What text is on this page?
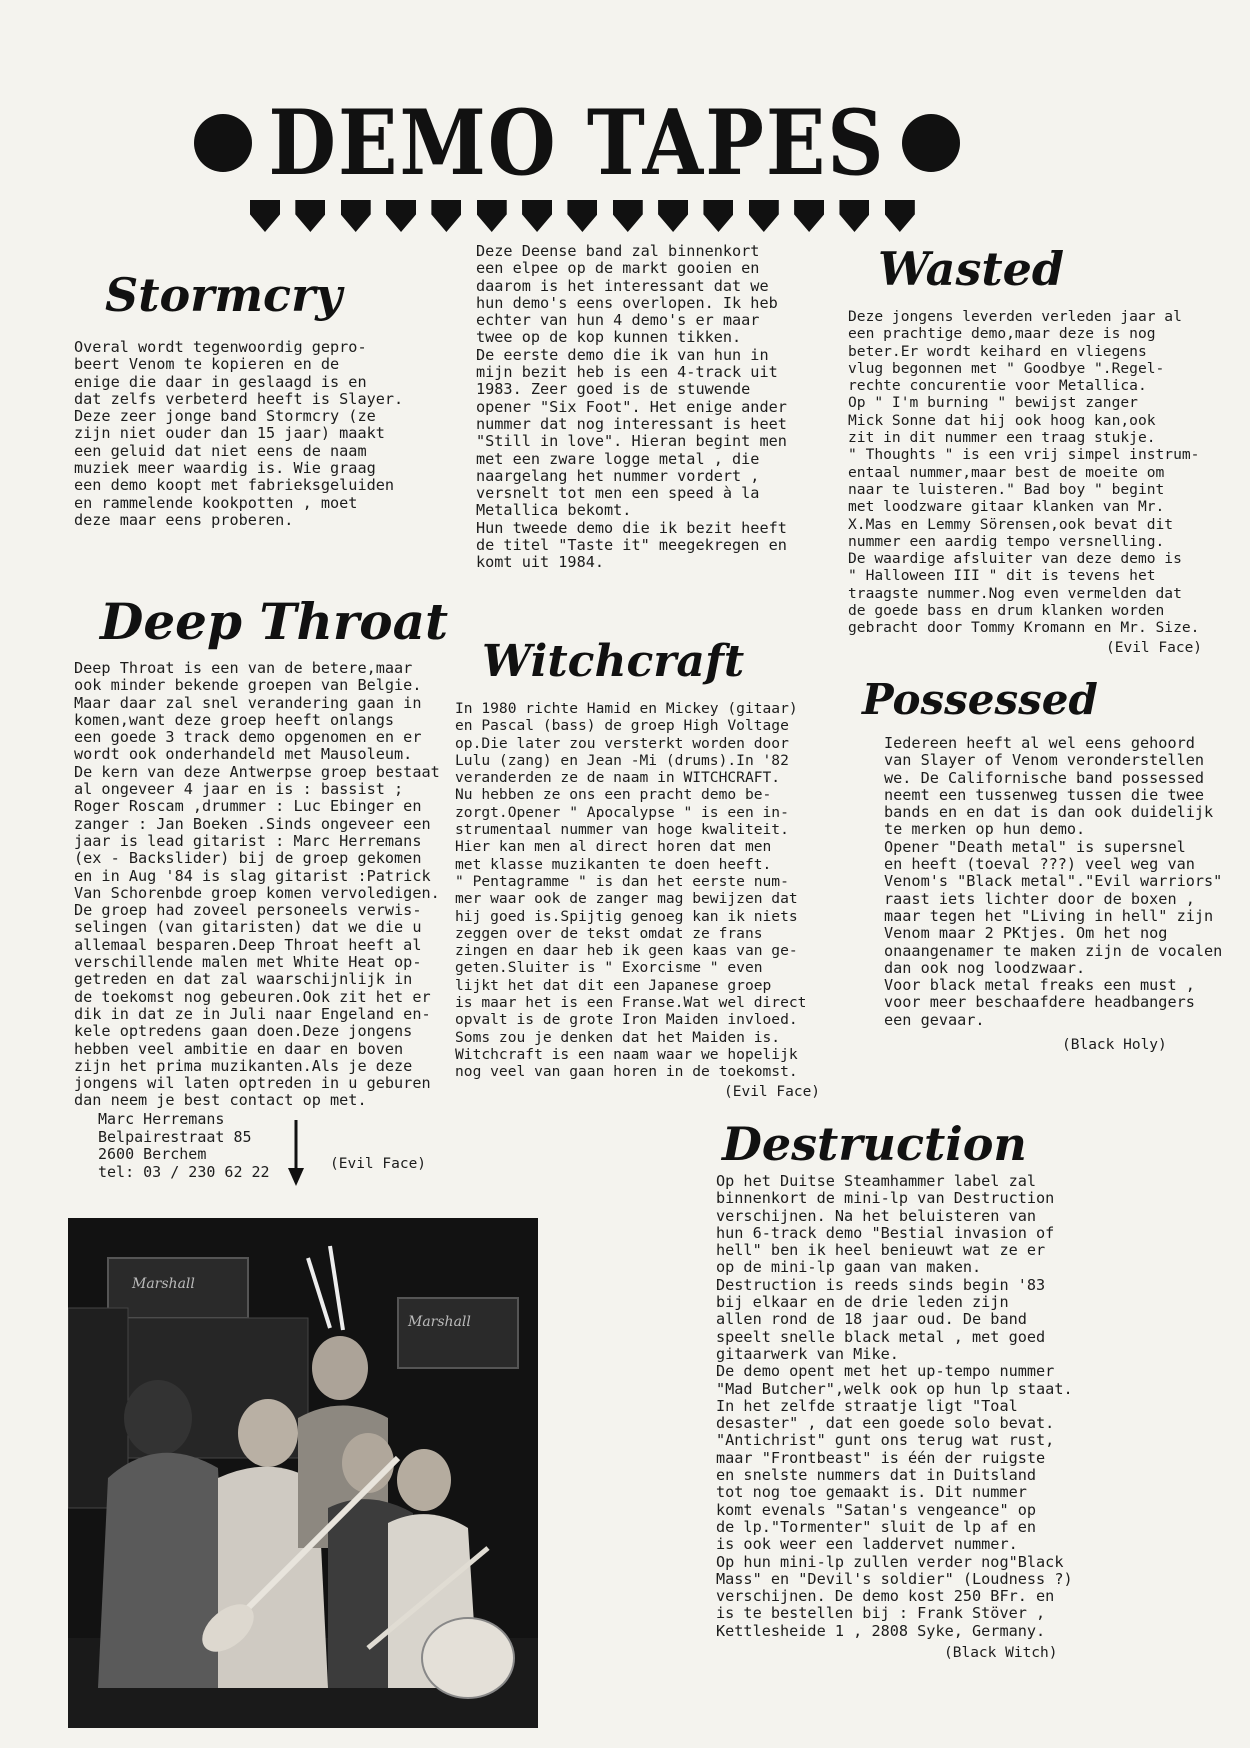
DEMO TAPES
Stormcry
Overal wordt tegenwoordig gepro-
beert Venom te kopieren en de
enige die daar in geslaagd is en
dat zelfs verbeterd heeft is Slayer.
Deze zeer jonge band Stormcry (ze
zijn niet ouder dan 15 jaar) maakt
een geluid dat niet eens de naam
muziek meer waardig is. Wie graag
een demo koopt met fabrieksgeluiden
en rammelende kookpotten , moet
deze maar eens proberen.
Deze Deense band zal binnenkort
een elpee op de markt gooien en
daarom is het interessant dat we
hun demo's eens overlopen. Ik heb
echter van hun 4 demo's er maar
twee op de kop kunnen tikken.
De eerste demo die ik van hun in
mijn bezit heb is een 4-track uit
1983. Zeer goed is de stuwende
opener "Six Foot". Het enige ander
nummer dat nog interessant is heet
"Still in love". Hieran begint men
met een zware logge metal , die
naargelang het nummer vordert ,
versnelt tot men een speed à la
Metallica bekomt.
Hun tweede demo die ik bezit heeft
de titel "Taste it" meegekregen en
komt uit 1984.
Wasted
Deze jongens leverden verleden jaar al
een prachtige demo,maar deze is nog
beter.Er wordt keihard en vliegens
vlug begonnen met " Goodbye ".Regel-
rechte concurentie voor Metallica.
Op " I'm burning " bewijst zanger
Mick Sonne dat hij ook hoog kan,ook
zit in dit nummer een traag stukje.
" Thoughts " is een vrij simpel instrum-
entaal nummer,maar best de moeite om
naar te luisteren." Bad boy " begint
met loodzware gitaar klanken van Mr.
X.Mas en Lemmy Sörensen,ook bevat dit
nummer een aardig tempo versnelling.
De waardige afsluiter van deze demo is
" Halloween III " dit is tevens het
traagste nummer.Nog even vermelden dat
de goede bass en drum klanken worden
gebracht door Tommy Kromann en Mr. Size.
(Evil Face)
Deep Throat
Deep Throat is een van de betere,maar
ook minder bekende groepen van Belgie.
Maar daar zal snel verandering gaan in
komen,want deze groep heeft onlangs
een goede 3 track demo opgenomen en er
wordt ook onderhandeld met Mausoleum.
De kern van deze Antwerpse groep bestaat
al ongeveer 4 jaar en is : bassist ;
Roger Roscam ,drummer : Luc Ebinger en
zanger : Jan Boeken .Sinds ongeveer een
jaar is lead gitarist : Marc Herremans
(ex - Backslider) bij de groep gekomen
en in Aug '84 is slag gitarist :Patrick
Van Schorenbde groep komen vervoledigen.
De groep had zoveel personeels verwis-
selingen (van gitaristen) dat we die u
allemaal besparen.Deep Throat heeft al
verschillende malen met White Heat op-
getreden en dat zal waarschijnlijk in
de toekomst nog gebeuren.Ook zit het er
dik in dat ze in Juli naar Engeland en-
kele optredens gaan doen.Deze jongens
hebben veel ambitie en daar en boven
zijn het prima muzikanten.Als je deze
jongens wil laten optreden in u geburen
dan neem je best contact op met.
Marc Herremans
Belpairestraat 85
2600 Berchem
tel: 03 / 230 62 22	(Evil Face)
Witchcraft
In 1980 richte Hamid en Mickey (gitaar)
en Pascal (bass) de groep High Voltage
op.Die later zou versterkt worden door
Lulu (zang) en Jean -Mi (drums).In '82
veranderden ze de naam in WITCHCRAFT.
Nu hebben ze ons een pracht demo be-
zorgt.Opener " Apocalypse " is een in-
strumentaal nummer van hoge kwaliteit.
Hier kan men al direct horen dat men
met klasse muzikanten te doen heeft.
" Pentagramme " is dan het eerste num-
mer waar ook de zanger mag bewijzen dat
hij goed is.Spijtig genoeg kan ik niets
zeggen over de tekst omdat ze frans
zingen en daar heb ik geen kaas van ge-
geten.Sluiter is " Exorcisme " even
lijkt het dat dit een Japanese groep
is maar het is een Franse.Wat wel direct
opvalt is de grote Iron Maiden invloed.
Soms zou je denken dat het Maiden is.
Witchcraft is een naam waar we hopelijk
nog veel van gaan horen in de toekomst.
(Evil Face)
Possessed
Iedereen heeft al wel eens gehoord
van Slayer of Venom veronderstellen
we. De Californische band possessed
neemt een tussenweg tussen die twee
bands en en dat is dan ook duidelijk
te merken op hun demo.
Opener "Death metal" is supersnel
en heeft (toeval ???) veel weg van
Venom's "Black metal"."Evil warriors"
raast iets lichter door de boxen ,
maar tegen het "Living in hell" zijn
Venom maar 2 PKtjes. Om het nog
onaangenamer te maken zijn de vocalen
dan ook nog loodzwaar.
Voor black metal freaks een must ,
voor meer beschaafdere headbangers
een gevaar.
(Black Holy)
Destruction
Op het Duitse Steamhammer label zal
binnenkort de mini-lp van Destruction
verschijnen. Na het beluisteren van
hun 6-track demo "Bestial invasion of
hell" ben ik heel benieuwt wat ze er
op de mini-lp gaan van maken.
Destruction is reeds sinds begin '83
bij elkaar en de drie leden zijn
allen rond de 18 jaar oud. De band
speelt snelle black metal , met goed
gitaarwerk van Mike.
De demo opent met het up-tempo nummer
"Mad Butcher",welk ook op hun lp staat.
In het zelfde straatje ligt "Toal
desaster" , dat een goede solo bevat.
"Antichrist" gunt ons terug wat rust,
maar "Frontbeast" is één der ruigste
en snelste nummers dat in Duitsland
tot nog toe gemaakt is. Dit nummer
komt evenals "Satan's vengeance" op
de lp."Tormenter" sluit de lp af en
is ook weer een laddervet nummer.
Op hun mini-lp zullen verder nog"Black
Mass" en "Devil's soldier" (Loudness ?)
verschijnen. De demo kost 250 BFr. en
is te bestellen bij : Frank Stöver ,
Kettlesheide 1 , 2808 Syke, Germany.
(Black Witch)
Marshall
Marshall
